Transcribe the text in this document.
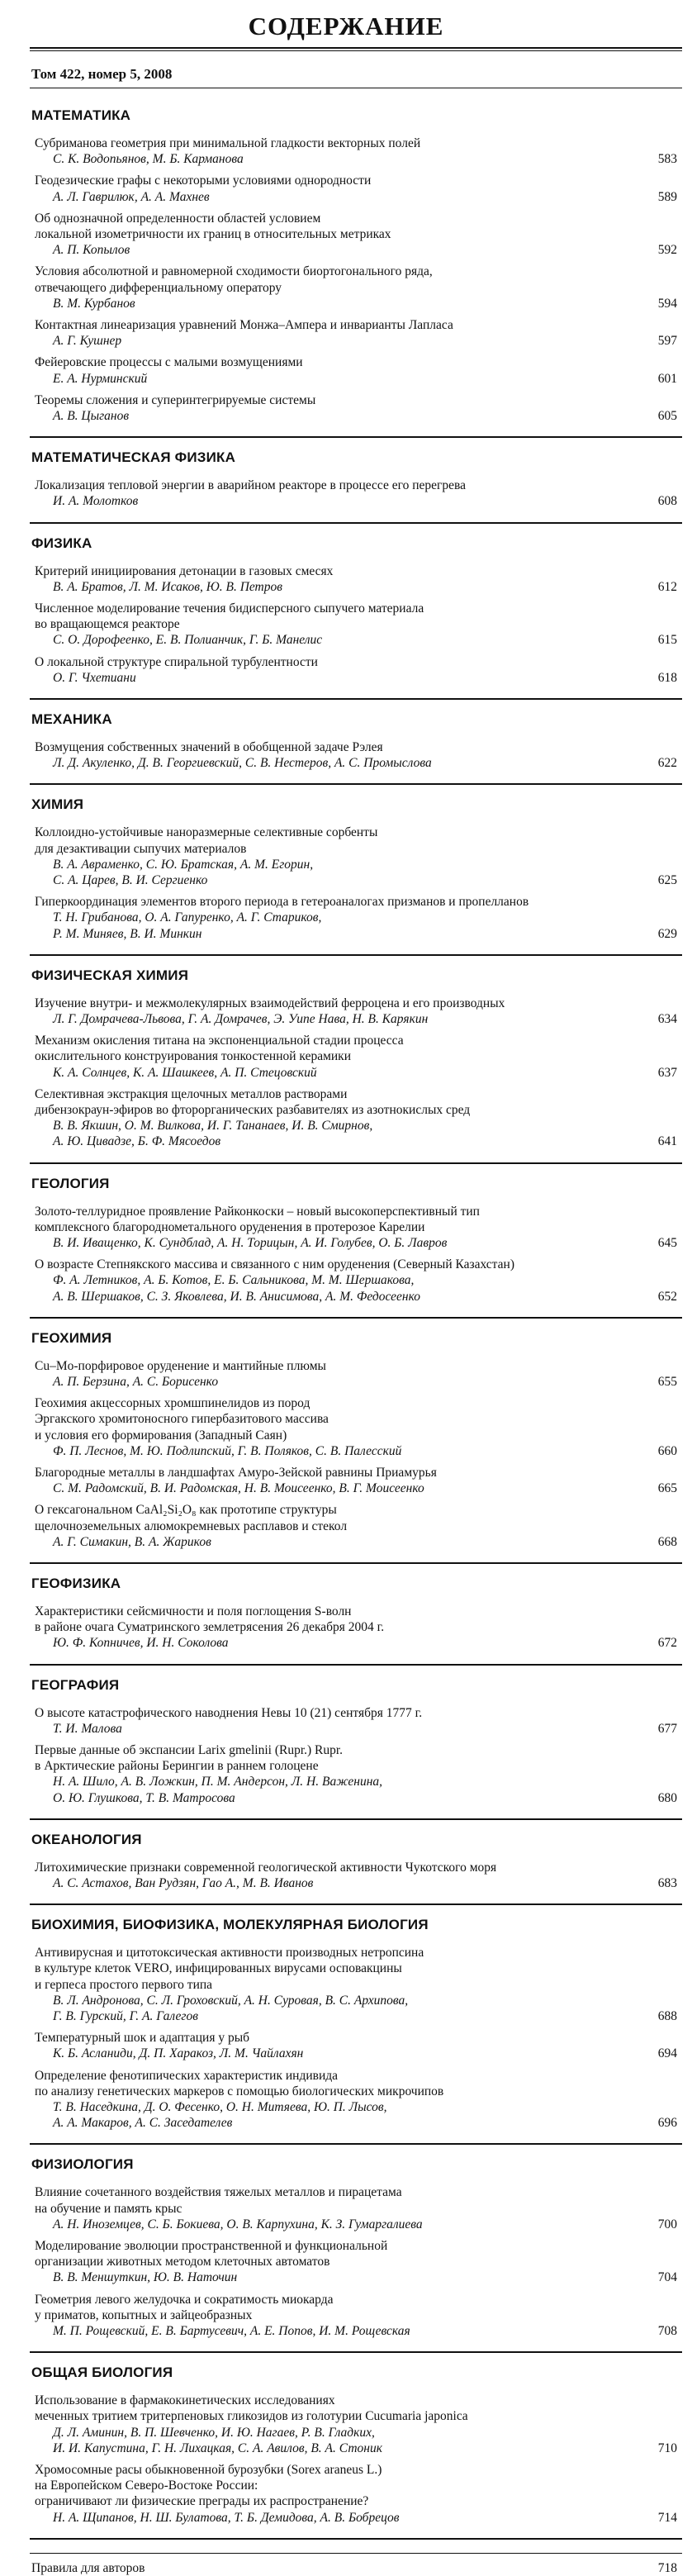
СОДЕРЖАНИЕ
Том 422, номер 5, 2008
МАТЕМАТИКА
Субриманова геометрия при минимальной гладкости векторных полей
С. К. Водопьянов, М. Б. Карманова	583
Геодезические графы с некоторыми условиями однородности
А. Л. Гаврилюк, А. А. Махнев	589
Об однозначной определенности областей условием
локальной изометричности их границ в относительных метриках
А. П. Копылов	592
Условия абсолютной и равномерной сходимости биортогонального ряда,
отвечающего дифференциальному оператору
В. М. Курбанов	594
Контактная линеаризация уравнений Монжа–Ампера и инварианты Лапласа
А. Г. Кушнер	597
Фейеровские процессы с малыми возмущениями
Е. А. Нурминский	601
Теоремы сложения и суперинтегрируемые системы
А. В. Цыганов	605
МАТЕМАТИЧЕСКАЯ ФИЗИКА
Локализация тепловой энергии в аварийном реакторе в процессе его перегрева
И. А. Молотков	608
ФИЗИКА
Критерий инициирования детонации в газовых смесях
В. А. Братов, Л. М. Исаков, Ю. В. Петров	612
Численное моделирование течения бидисперсного сыпучего материала
во вращающемся реакторе
С. О. Дорофеенко, Е. В. Полианчик, Г. Б. Манелис	615
О локальной структуре спиральной турбулентности
О. Г. Чхетиани	618
МЕХАНИКА
Возмущения собственных значений в обобщенной задаче Рэлея
Л. Д. Акуленко, Д. В. Георгиевский, С. В. Нестеров, А. С. Промыслова	622
ХИМИЯ
Коллоидно-устойчивые наноразмерные селективные сорбенты
для дезактивации сыпучих материалов
В. А. Авраменко, С. Ю. Братская, А. М. Егорин,
С. А. Царев, В. И. Сергиенко	625
Гиперкоординация элементов второго периода в гетероаналогах призманов и пропелланов
Т. Н. Грибанова, О. А. Гапуренко, А. Г. Стариков,
Р. М. Миняев, В. И. Минкин	629
ФИЗИЧЕСКАЯ ХИМИЯ
Изучение внутри- и межмолекулярных взаимодействий ферроцена и его производных
Л. Г. Домрачева-Львова, Г. А. Домрачев, Э. Уипе Нава, Н. В. Карякин	634
Механизм окисления титана на экспоненциальной стадии процесса
окислительного конструирования тонкостенной керамики
К. А. Солнцев, К. А. Шашкеев, А. П. Стецовский	637
Селективная экстракция щелочных металлов растворами
дибензокраун-эфиров во фторорганических разбавителях из азотнокислых сред
В. В. Якшин, О. М. Вилкова, И. Г. Тананаев, И. В. Смирнов,
А. Ю. Цивадзе, Б. Ф. Мясоедов	641
ГЕОЛОГИЯ
Золото-теллуридное проявление Райконкоски – новый высокоперспективный тип
комплексного благороднометального оруденения в протерозое Карелии
В. И. Иващенко, К. Сундблад, А. Н. Торицын, А. И. Голубев, О. Б. Лавров	645
О возрасте Степнякского массива и связанного с ним оруденения (Северный Казахстан)
Ф. А. Летников, А. Б. Котов, Е. Б. Сальникова, М. М. Шершакова,
А. В. Шершаков, С. З. Яковлева, И. В. Анисимова, А. М. Федосеенко	652
ГЕОХИМИЯ
Cu–Mo-порфировое оруденение и мантийные плюмы
А. П. Берзина, А. С. Борисенко	655
Геохимия акцессорных хромшпинелидов из пород
Эргакского хромитоносного гипербазитового массива
и условия его формирования (Западный Саян)
Ф. П. Леснов, М. Ю. Подлипский, Г. В. Поляков, С. В. Палесский	660
Благородные металлы в ландшафтах Амуро-Зейской равнины Приамурья
С. М. Радомский, В. И. Радомская, Н. В. Моисеенко, В. Г. Моисеенко	665
О гексагональном CaAl₂Si₂O₈ как прототипе структуры
щелочноземельных алюмокремневых расплавов и стекол
А. Г. Симакин, В. А. Жариков	668
ГЕОФИЗИКА
Характеристики сейсмичности и поля поглощения S-волн
в районе очага Суматринского землетрясения 26 декабря 2004 г.
Ю. Ф. Копничев, И. Н. Соколова	672
ГЕОГРАФИЯ
О высоте катастрофического наводнения Невы 10 (21) сентября 1777 г.
Т. И. Малова	677
Первые данные об экспансии Larix gmelinii (Rupr.) Rupr.
в Арктические районы Берингии в раннем голоцене
Н. А. Шило, А. В. Ложкин, П. М. Андерсон, Л. Н. Важенина,
О. Ю. Глушкова, Т. В. Матросова	680
ОКЕАНОЛОГИЯ
Литохимические признаки современной геологической активности Чукотского моря
А. С. Астахов, Ван Рудзян, Гао А., М. В. Иванов	683
БИОХИМИЯ, БИОФИЗИКА, МОЛЕКУЛЯРНАЯ БИОЛОГИЯ
Антивирусная и цитотоксическая активности производных нетропсина
в культуре клеток VERO, инфицированных вирусами осповакцины
и герпеса простого первого типа
В. Л. Андронова, С. Л. Гроховский, А. Н. Суровая, В. С. Архипова,
Г. В. Гурский, Г. А. Галегов	688
Температурный шок и адаптация у рыб
К. Б. Асланиди, Д. П. Харакоз, Л. М. Чайлахян	694
Определение фенотипических характеристик индивида
по анализу генетических маркеров с помощью биологических микрочипов
Т. В. Наседкина, Д. О. Фесенко, О. Н. Митяева, Ю. П. Лысов,
А. А. Макаров, А. С. Заседателев	696
ФИЗИОЛОГИЯ
Влияние сочетанного воздействия тяжелых металлов и пирацетама
на обучение и память крыс
А. Н. Иноземцев, С. Б. Бокиева, О. В. Карпухина, К. З. Гумаргалиева	700
Моделирование эволюции пространственной и функциональной
организации животных методом клеточных автоматов
В. В. Меншуткин, Ю. В. Наточин	704
Геометрия левого желудочка и сократимость миокарда
у приматов, копытных и зайцеобразных
М. П. Рощевский, Е. В. Бартусевич, А. Е. Попов, И. М. Рощевская	708
ОБЩАЯ БИОЛОГИЯ
Использование в фармакокинетических исследованиях
меченных тритием тритерпеновых гликозидов из голотурии Cucumaria japonica
Д. Л. Аминин, В. П. Шевченко, И. Ю. Нагаев, Р. В. Гладких,
И. И. Капустина, Г. Н. Лихацкая, С. А. Авилов, В. А. Стоник	710
Хромосомные расы обыкновенной бурозубки (Sorex araneus L.)
на Европейском Северо-Востоке России:
ограничивают ли физические преграды их распространение?
Н. А. Щипанов, Н. Ш. Булатова, Т. Б. Демидова, А. В. Бобрецов	714
Правила для авторов	718
